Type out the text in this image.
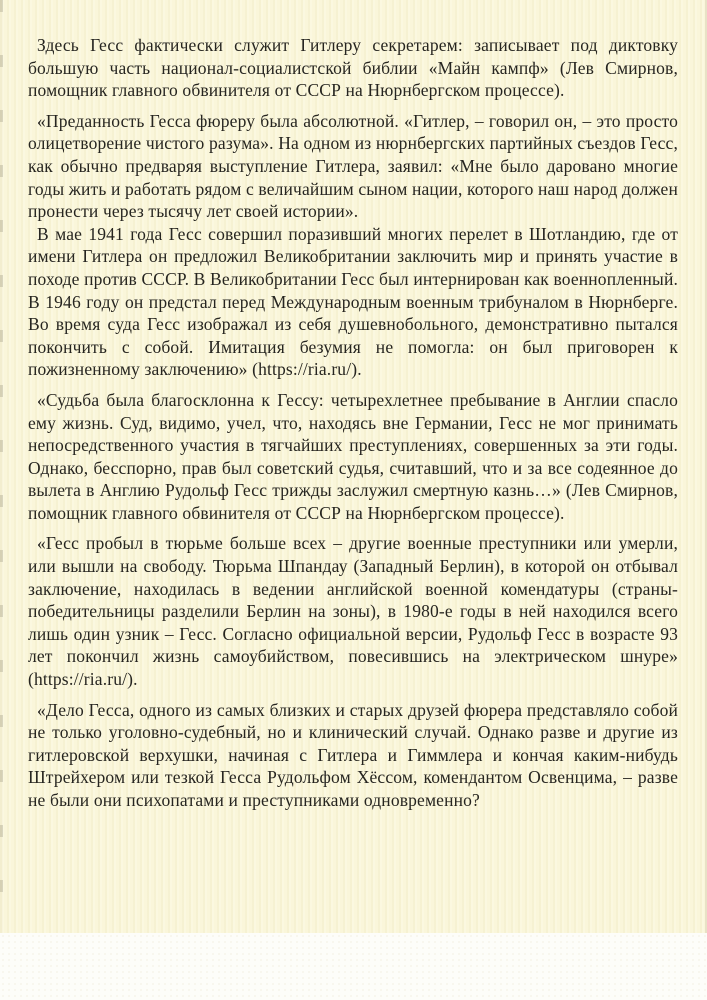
Здесь Гесс фактически служит Гитлеру секретарем: записывает под диктовку большую часть национал-социалистской библии «Майн кампф» (Лев Смирнов, помощник главного обвинителя от СССР на Нюрнбергском процессе).

«Преданность Гесса фюреру была абсолютной. «Гитлер, – говорил он, – это просто олицетворение чистого разума». На одном из нюрнбергских партийных съездов Гесс, как обычно предваряя выступление Гитлера, заявил: «Мне было даровано многие годы жить и работать рядом с величайшим сыном нации, которого наш народ должен пронести через тысячу лет своей истории».

В мае 1941 года Гесс совершил поразивший многих перелет в Шотландию, где от имени Гитлера он предложил Великобритании заключить мир и принять участие в походе против СССР. В Великобритании Гесс был интернирован как военнопленный. В 1946 году он предстал перед Международным военным трибуналом в Нюрнберге. Во время суда Гесс изображал из себя душевнобольного, демонстративно пытался покончить с собой. Имитация безумия не помогла: он был приговорен к пожизненному заключению» (https://ria.ru/).

«Судьба была благосклонна к Гессу: четырехлетнее пребывание в Англии спасло ему жизнь. Суд, видимо, учел, что, находясь вне Германии, Гесс не мог принимать непосредственного участия в тягчайших преступлениях, совершенных за эти годы. Однако, бесспорно, прав был советский судья, считавший, что и за все содеянное до вылета в Англию Рудольф Гесс трижды заслужил смертную казнь…» (Лев Смирнов, помощник главного обвинителя от СССР на Нюрнбергском процессе).

«Гесс пробыл в тюрьме больше всех – другие военные преступники или умерли, или вышли на свободу. Тюрьма Шпандау (Западный Берлин), в которой он отбывал заключение, находилась в ведении английской военной комендатуры (страны-победительницы разделили Берлин на зоны), в 1980-е годы в ней находился всего лишь один узник – Гесс. Согласно официальной версии, Рудольф Гесс в возрасте 93 лет покончил жизнь самоубийством, повесившись на электрическом шнуре» (https://ria.ru/).

«Дело Гесса, одного из самых близких и старых друзей фюрера представляло собой не только уголовно-судебный, но и клинический случай. Однако разве и другие из гитлеровской верхушки, начиная с Гитлера и Гиммлера и кончая каким-нибудь Штрейхером или тезкой Гесса Рудольфом Хёссом, комендантом Освенцима, – разве не были они психопатами и преступниками одновременно?
